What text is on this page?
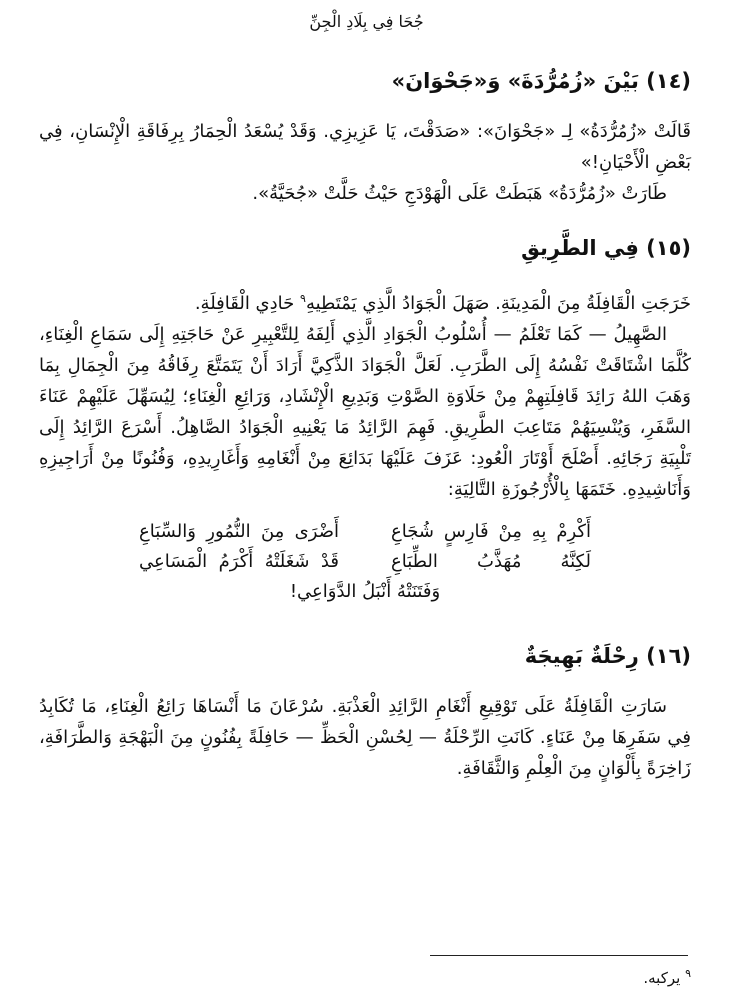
جُحَا فِي بِلَادِ الْجِنِّ
(١٤) بَيْنَ «زُمُرُّدَةَ» وَ«جَحْوَانَ»

قَالَتْ «زُمُرُّدَةُ» لِـ «جَحْوَانَ»: «صَدَقْتَ، يَا عَزِيزِي. وَقَدْ يُسْعَدُ الْحِمَارُ بِرِفَاقَةِ الْإِنْسَانِ، فِي بَعْضِ الْأَحْيَانِ!»

طَارَتْ «زُمُرُّدَةُ» هَبَطَتْ عَلَى الْهَوْدَجِ حَيْثُ حَلَّتْ «جُحَيَّةُ».

(١٥) فِي الطَّرِيقِ

خَرَجَتِ الْقَافِلَةُ مِنَ الْمَدِينَةِ. صَهَلَ الْجَوَادُ الَّذِي يَمْتَطِيهِ$^٩$ حَادِي الْقَافِلَةِ.

الصَّهِيلُ — كَمَا تَعْلَمُ — أُسْلُوبُ الْجَوَادِ الَّذِي أَلِفَهُ لِلتَّعْبِيرِ عَنْ حَاجَتِهِ إِلَى سَمَاعِ الْغِنَاءِ، كُلَّمَا اشْتَاقَتْ نَفْسُهُ إِلَى الطَّرَبِ. لَعَلَّ الْجَوَادَ الذَّكِيَّ أَرَادَ أَنْ يَتَمَتَّعَ رِفَاقُهُ مِنَ الْجِمَالِ بِمَا وَهَبَ اللهُ رَائِدَ قَافِلَتِهِمْ مِنْ حَلَاوَةِ الصَّوْتِ وَبَدِيعِ الْإِنْشَادِ، وَرَائِعِ الْغِنَاءِ؛ لِيُسَهِّلَ عَلَيْهِمْ عَنَاءَ السَّفَرِ، وَيُنْسِيَهُمْ مَتَاعِبَ الطَّرِيقِ. فَهِمَ الرَّائِدُ مَا يَعْنِيهِ الْجَوَادُ الصَّاهِلُ. أَسْرَعَ الرَّائِدُ إِلَى تَلْبِيَةِ رَجَائِهِ. أَصْلَحَ أَوْتَارَ الْعُودِ: عَزَفَ عَلَيْهَا بَدَائِعَ مِنْ أَنْغَامِهِ وَأَغَارِيدِهِ، وَفُنُونًا مِنْ أَرَاجِيزِهِ وَأَنَاشِيدِهِ. خَتَمَهَا بِالْأُرْجُوزَةِ التَّالِيَةِ:

أَكْرِمْ بِهِ مِنْ فَارِسٍ شُجَاعِ
أَضْرَى مِنَ النُّمُورِ وَالسِّبَاعِ
لَكِنَّهُ مُهَذَّبُ الطِّبَاعِ
قَدْ شَغَلَتْهُ أَكْرَمُ الْمَسَاعِي
وَفَتَنَتْهُ أَنْبَلُ الدَّوَاعِي!
(١٦) رِحْلَةٌ بَهِيجَةٌ

سَارَتِ الْقَافِلَةُ عَلَى تَوْقِيعِ أَنْغَامِ الرَّائِدِ الْعَذْبَةِ. سُرْعَانَ مَا أَنْسَاهَا رَائِعُ الْغِنَاءِ، مَا تُكَابِدُ فِي سَفَرِهَا مِنْ عَنَاءٍ. كَانَتِ الرِّحْلَةُ — لِحُسْنِ الْحَظِّ — حَافِلَةً بِفُنُونٍ مِنَ الْبَهْجَةِ وَالطَّرَافَةِ، زَاخِرَةً بِأَلْوَانٍ مِنَ الْعِلْمِ وَالثَّقَافَةِ.

$^٩$ يركبه.
